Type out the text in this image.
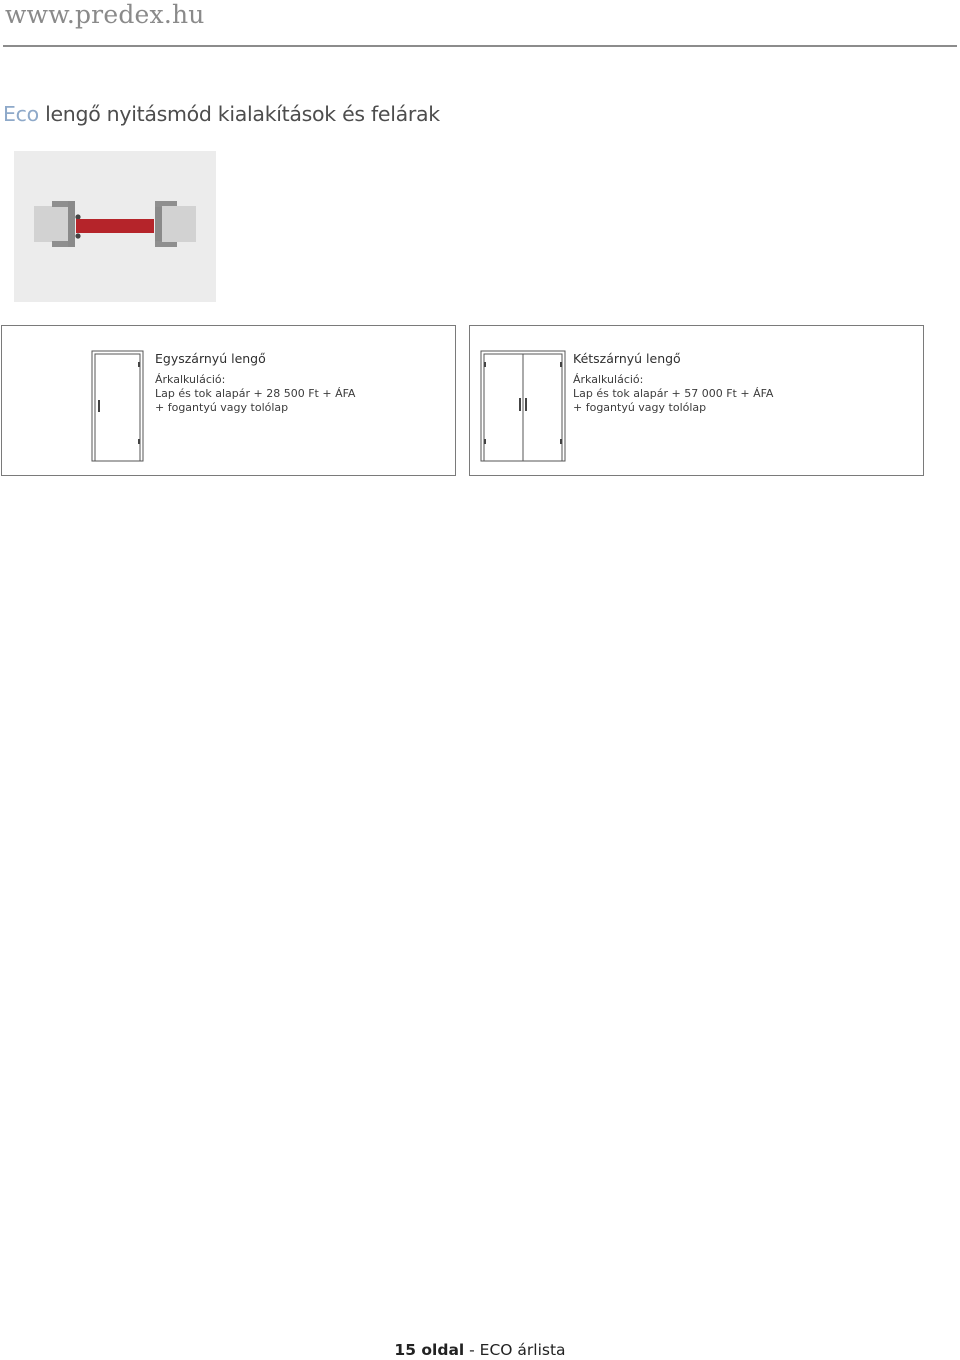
www.predex.hu
Eco lengő nyitásmód kialakítások és felárak
Egyszárnyú lengő
Árkalkuláció:
Lap és tok alapár + 28 500 Ft + ÁFA
+ fogantyú vagy tolólap
Kétszárnyú lengő
Árkalkuláció:
Lap és tok alapár + 57 000 Ft + ÁFA
+ fogantyú vagy tolólap
15 oldal - ECO árlista
